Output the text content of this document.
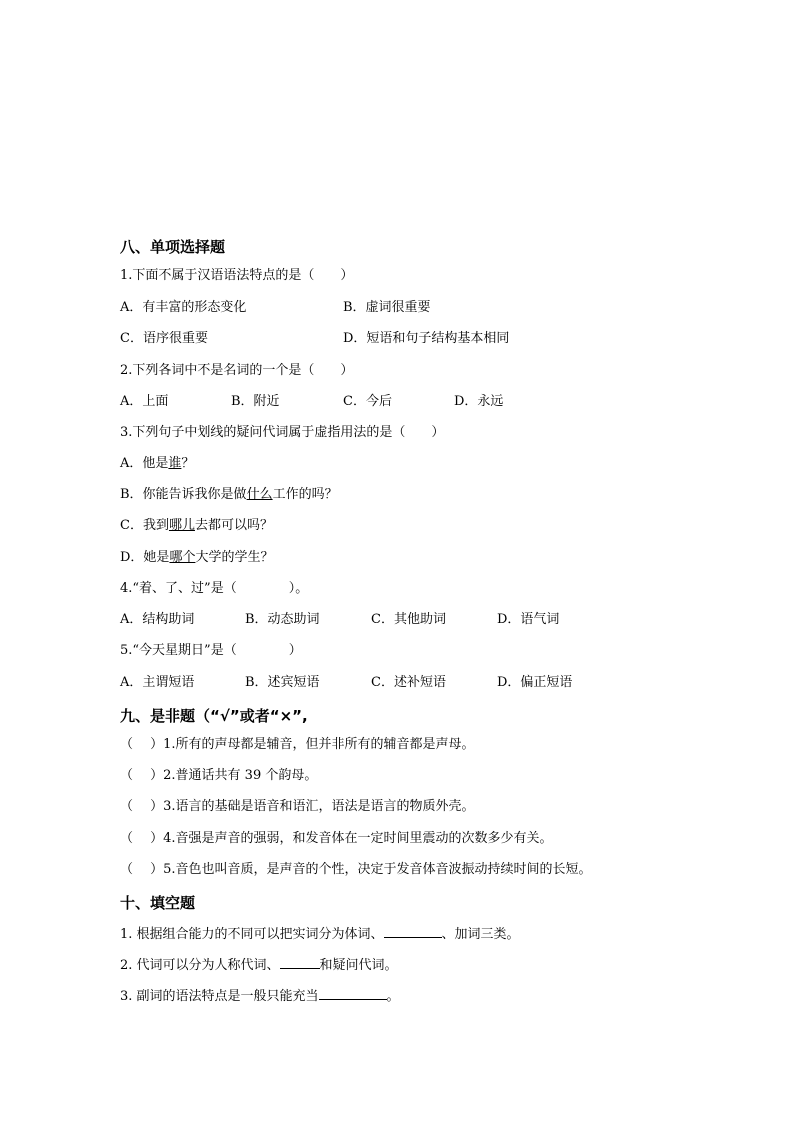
八、单项选择题
1.下面不属于汉语语法特点的是（　　）
A．有丰富的形态变化	B．虚词很重要
C．语序很重要	D．短语和句子结构基本相同
2.下列各词中不是名词的一个是（　　）
A．上面	B．附近	C．今后	D．永远
3.下列句子中划线的疑问代词属于虚指用法的是（　　）
A．他是谁？
B．你能告诉我你是做什么工作的吗？
C．我到哪儿去都可以吗？
D．她是哪个大学的学生？
4.“着、了、过”是（　　　　）。
A．结构助词	B．动态助词	C．其他助词	D．语气词
5.“今天星期日”是（　　　　）
A．主谓短语	B．述宾短语	C．述补短语	D．偏正短语
九、是非题（“√”或者“×”,
（　 ）1.所有的声母都是辅音，但并非所有的辅音都是声母。
（　 ）2.普通话共有 39 个韵母。
（　 ）3.语言的基础是语音和语汇，语法是语言的物质外壳。
（　 ）4.音强是声音的强弱，和发音体在一定时间里震动的次数多少有关。
（　 ）5.音色也叫音质，是声音的个性，决定于发音体音波振动持续时间的长短。
十、填空题
1. 根据组合能力的不同可以把实词分为体词、	、加词三类。
2. 代词可以分为人称代词、	和疑问代词。
3. 副词的语法特点是一般只能充当	。
